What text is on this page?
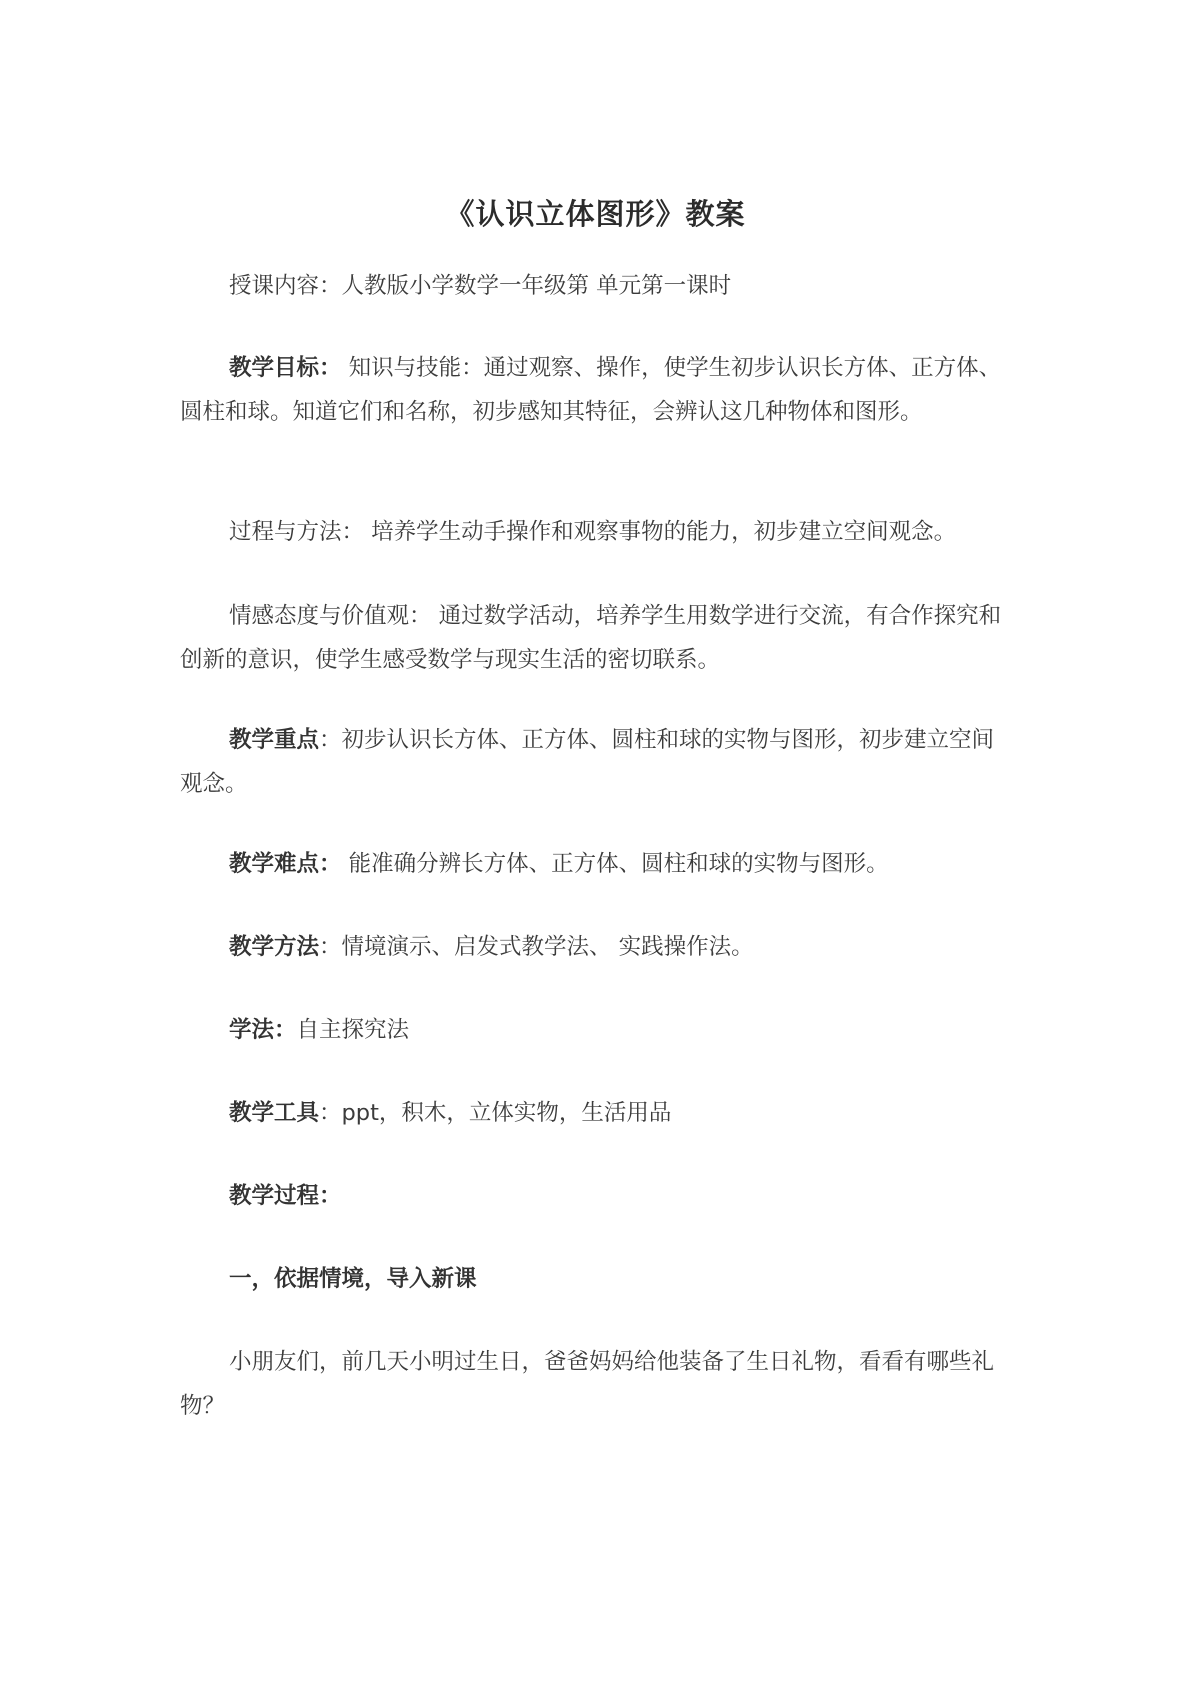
《认识立体图形》教案

授课内容：人教版小学数学一年级第 单元第一课时

教学目标： 知识与技能：通过观察、操作，使学生初步认识长方体、正方体、圆柱和球。知道它们和名称，初步感知其特征，会辨认这几种物体和图形。

过程与方法： 培养学生动手操作和观察事物的能力，初步建立空间观念。

情感态度与价值观： 通过数学活动，培养学生用数学进行交流，有合作探究和创新的意识，使学生感受数学与现实生活的密切联系。

教学重点：初步认识长方体、正方体、圆柱和球的实物与图形，初步建立空间观念。

教学难点： 能准确分辨长方体、正方体、圆柱和球的实物与图形。

教学方法：情境演示、启发式教学法、 实践操作法。

学法：自主探究法

教学工具：ppt，积木，立体实物，生活用品

教学过程：

一，依据情境，导入新课

小朋友们，前几天小明过生日，爸爸妈妈给他装备了生日礼物，看看有哪些礼物？
